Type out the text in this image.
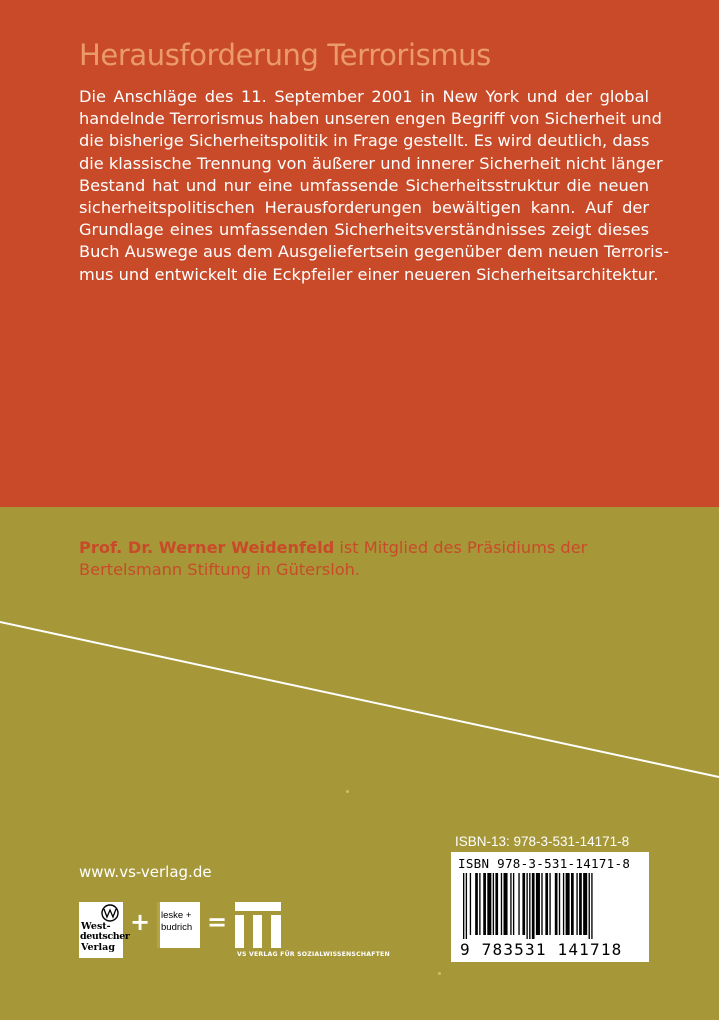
Herausforderung Terrorismus

Die Anschläge des 11. September 2001 in New York und der global
handelnde Terrorismus haben unseren engen Begriff von Sicherheit und
die bisherige Sicherheitspolitik in Frage gestellt. Es wird deutlich, dass
die klassische Trennung von äußerer und innerer Sicherheit nicht länger
Bestand hat und nur eine umfassende Sicherheitsstruktur die neuen
sicherheitspolitischen Herausforderungen bewältigen kann. Auf der
Grundlage eines umfassenden Sicherheitsverständnisses zeigt dieses
Buch Auswege aus dem Ausgeliefertsein gegenüber dem neuen Terroris-
mus und entwickelt die Eckpfeiler einer neueren Sicherheitsarchitektur.

Prof. Dr. Werner Weidenfeld ist Mitglied des Präsidiums der
Bertelsmann Stiftung in Gütersloh.

www.vs-verlag.de
ISBN-13: 978-3-531-14171-8
ISBN 978-3-531-14171-8
9 783531 141718
West-
deutscher
Verlag
+ leske +
budrich =
VS VERLAG FÜR SOZIALWISSENSCHAFTEN
